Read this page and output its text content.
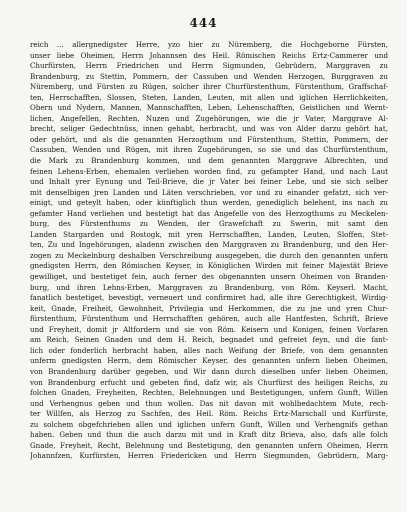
444
reich ... allergnedigster Herre, yzo hier zu Nüremberg, die Hochgeborne Fürsten,
unser liebe Oheimen, Herrn Johannsen des Heil. Römischen Reichs Ertz-Cammerer und
Churfürsten, Herrn Friedrichen und Herrn Sigmunden, Gebrüdern, Marggraven zu
Brandenburg, zu Stettin, Pommern, der Cassuben und Wenden Herzogen, Burggraven zu
Nüremberg, und Fürsten zu Rügen, solcher ihrer Churfürstenthum, Fürstenthum, Graffschaf-
ten, Herrschafften, Slossen, Steten, Landen, Leuten, mit allen und iglichen Herrlichkeiten,
Obern und Nydern, Mannen, Mannschafften, Leben, Lehenschafften, Geistlichen und Wernt-
lichen, Angefellen, Rechten, Nuzen und Zugehörungen, wie die jr Vater, Marggrave Al-
brecht, seliger Gedechtnüss, innen gehabt, herbracht, und was von Alder darzu gehört hat,
oder gehört, und als die genannten Herzogthum und Fürstenthum, Stettin, Pommern, der
Cassuben, Wenden und Rügen, mit ihren Zugehörungen, so sie und das Churfürstenthum,
die Mark zu Brandenburg kommen, und dem genannten Marggrave Albrechten, und
feinen Lehens-Erben, ehemalen verliehen worden find, zu gefampter Hand, und nach Laut
und Inhalt yrer Eynung und Teil-Brieve, die jr Vater bei feiner Lebe, und sie sich selber
mit denselbigen jren Landen und Läten verschrieben, vor und zu einander gefatzt, sich ver-
einigt, und geteylt haben, oder künftiglich thun werden, genediglich belehent, ins nach zu
gefamter Hand verliehen und bestetigt hat das Angefelle von des Herzogthums zu Meckelen-
burg, des Fürstenthums zu Wenden, der Grawefchaft zu Swerin, mit samt den
Landen Stargarden und Rostogk, mit yren Herrschafften, Landen, Leuten, Sloffen, Stet-
ten, Zu und Ingehörungen, aladenn zwischen den Marggraven zu Brandenburg, und den Her-
zogen zu Meckelnburg deshalben Verschreibung ausgegeben, die durch den genannten unfern
gnedigsten Herrn, den Römischen Keyser, in Königlichen Wirden mit feiner Majestät Brieve
gewilliget, und bestetiget fein, auch ferner des obgenannten unsern Oheimen von Branden-
burg, und ihren Lehns-Erben, Marggraven zu Brandenburg, von Röm. Keyserl. Macht,
fanatlich bestetiget, bevestigt, verneuert und confirmiret had, alle ihre Gerechtigkeit, Wirdig-
keit, Gnade, Freiheit, Gewohnheit, Privilegia und Herkommen, die zu jne und yren Chur-
fürstenthum, Fürstenthum und Herrschafften gehören, auch alle Hantfesten, Schrift, Brieve
und Freyheit, domit jr Altfordern und sie von Röm. Keisern und Konigen, feinen Vorfaren
am Reich, Seinen Gnaden und dem H. Reich, begnadet und gefreiet feyn, und die fant-
lich oder fonderlich herbracht haben, alles nach Weifung der Briefe, von dem genannten
unferm gnedigsten Herrn, dem Römischer Keyser, des genannten unfern lieben Oheimen,
von Brandenburg darüber gegeben, und Wir dann durch dieselben unfer lieben Oheimen,
von Brandenburg erfucht und gebeten find, dafz wir, als Churfürst des heiligen Reichs, zu
folchen Gnaden, Freyheiten, Rechten, Belehnungen und Bestetigungen, unfern Gunft, Willen
und Verhengnus geben und thun wollen. Das nit davon mit wohlbedachtem Mute, rech-
ter Willfen, als Herzog zu Sachfen, des Heil. Röm. Reichs Ertz-Marschall und Kurfürste,
zu solchem obgefchrieben allen und iglichen unfern Gunft, Willen und Verhengnifs gethan
haben. Geben und thun die auch darzu mit und in Kraft ditz Brieva, also, dafs alle folch
Gnade, Freyheit, Recht, Belehnung und Bestetigung, den genannten unfern Oheimen, Herrn
Johannfzen, Kurfürsten, Herren Friedericken und Herrn Siegmunden, Gebrüdern, Marg-
